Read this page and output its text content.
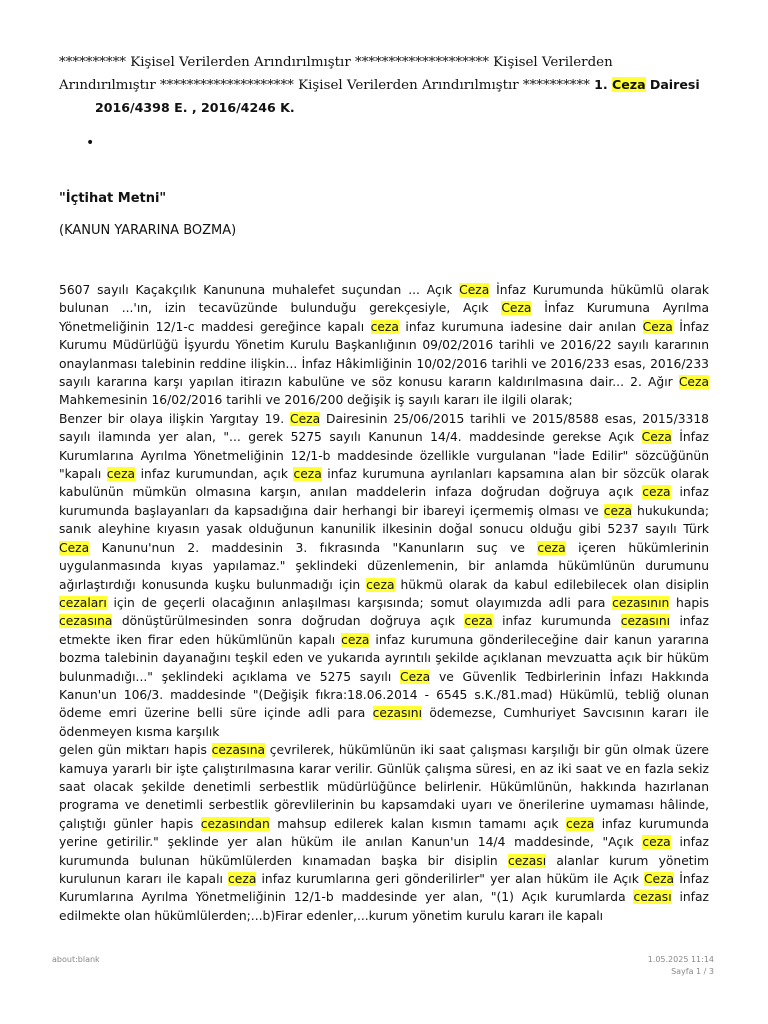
********** Kişisel Verilerden Arındırılmıştır ******************** Kişisel Verilerden Arındırılmıştır ******************** Kişisel Verilerden Arındırılmıştır ********** 1. Ceza Dairesi2016/4398 E. , 2016/4246 K.

•
"İçtihat Metni"
(KANUN YARARINA BOZMA)

5607 sayılı Kaçakçılık Kanununa muhalefet suçundan ... Açık Ceza İnfaz Kurumunda hükümlü olarak bulunan ...'ın, izin tecavüzünde bulunduğu gerekçesiyle, Açık Ceza İnfaz Kurumuna Ayrılma Yönetmeliğinin 12/1-c maddesi gereğince kapalı ceza infaz kurumuna iadesine dair anılan Ceza İnfaz Kurumu Müdürlüğü İşyurdu Yönetim Kurulu Başkanlığının 09/02/2016 tarihli ve 2016/22 sayılı kararının onaylanması talebinin reddine ilişkin... İnfaz Hâkimliğinin 10/02/2016 tarihli ve 2016/233 esas, 2016/233 sayılı kararına karşı yapılan itirazın kabulüne ve söz konusu kararın kaldırılmasına dair... 2. Ağır Ceza Mahkemesinin 16/02/2016 tarihli ve 2016/200 değişik iş sayılı kararı ile ilgili olarak;

Benzer bir olaya ilişkin Yargıtay 19. Ceza Dairesinin 25/06/2015 tarihli ve 2015/8588 esas, 2015/3318 sayılı ilamında yer alan, "... gerek 5275 sayılı Kanunun 14/4. maddesinde gerekse Açık Ceza İnfaz Kurumlarına Ayrılma Yönetmeliğinin 12/1-b maddesinde özellikle vurgulanan "İade Edilir" sözcüğünün "kapalı ceza infaz kurumundan, açık ceza infaz kurumuna ayrılanları kapsamına alan bir sözcük olarak kabulünün mümkün olmasına karşın, anılan maddelerin infaza doğrudan doğruya açık ceza infaz kurumunda başlayanları da kapsadığına dair herhangi bir ibareyi içermemiş olması ve ceza hukukunda; sanık aleyhine kıyasın yasak olduğunun kanunilik ilkesinin doğal sonucu olduğu gibi 5237 sayılı Türk Ceza Kanunu'nun 2. maddesinin 3. fıkrasında "Kanunların suç ve ceza içeren hükümlerinin uygulanmasında kıyas yapılamaz." şeklindeki düzenlemenin, bir anlamda hükümlünün durumunu ağırlaştırdığı konusunda kuşku bulunmadığı için ceza hükmü olarak da kabul edilebilecek olan disiplin cezaları için de geçerli olacağının anlaşılması karşısında; somut olayımızda adli para cezasının hapis cezasına dönüştürülmesinden sonra doğrudan doğruya açık ceza infaz kurumunda cezasını infaz etmekte iken firar eden hükümlünün kapalı ceza infaz kurumuna gönderileceğine dair kanun yararına bozma talebinin dayanağını teşkil eden ve yukarıda ayrıntılı şekilde açıklanan mevzuatta açık bir hüküm bulunmadığı..." şeklindeki açıklama ve 5275 sayılı Ceza ve Güvenlik Tedbirlerinin İnfazı Hakkında Kanun'un 106/3. maddesinde "(Değişik fıkra:18.06.2014 - 6545 s.K./81.mad) Hükümlü, tebliğ olunan ödeme emri üzerine belli süre içinde adli para cezasını ödemezse, Cumhuriyet Savcısının kararı ile ödenmeyen kısma karşılık

gelen gün miktarı hapis cezasına çevrilerek, hükümlünün iki saat çalışması karşılığı bir gün olmak üzere kamuya yararlı bir işte çalıştırılmasına karar verilir. Günlük çalışma süresi, en az iki saat ve en fazla sekiz saat olacak şekilde denetimli serbestlik müdürlüğünce belirlenir. Hükümlünün, hakkında hazırlanan programa ve denetimli serbestlik görevlilerinin bu kapsamdaki uyarı ve önerilerine uymaması hâlinde, çalıştığı günler hapis cezasından mahsup edilerek kalan kısmın tamamı açık ceza infaz kurumunda yerine getirilir." şeklinde yer alan hüküm ile anılan Kanun'un 14/4 maddesinde, "Açık ceza infaz kurumunda bulunan hükümlülerden kınamadan başka bir disiplin cezası alanlar kurum yönetim kurulunun kararı ile kapalı ceza infaz kurumlarına geri gönderilirler" yer alan hüküm ile Açık Ceza İnfaz Kurumlarına Ayrılma Yönetmeliğinin 12/1-b maddesinde yer alan, "(1) Açık kurumlarda cezası infaz edilmekte olan hükümlülerden;...b)Firar edenler,...kurum yönetim kurulu kararı ile kapalı

about:blank	1.05.2025 11:14
Sayfa 1 / 3
